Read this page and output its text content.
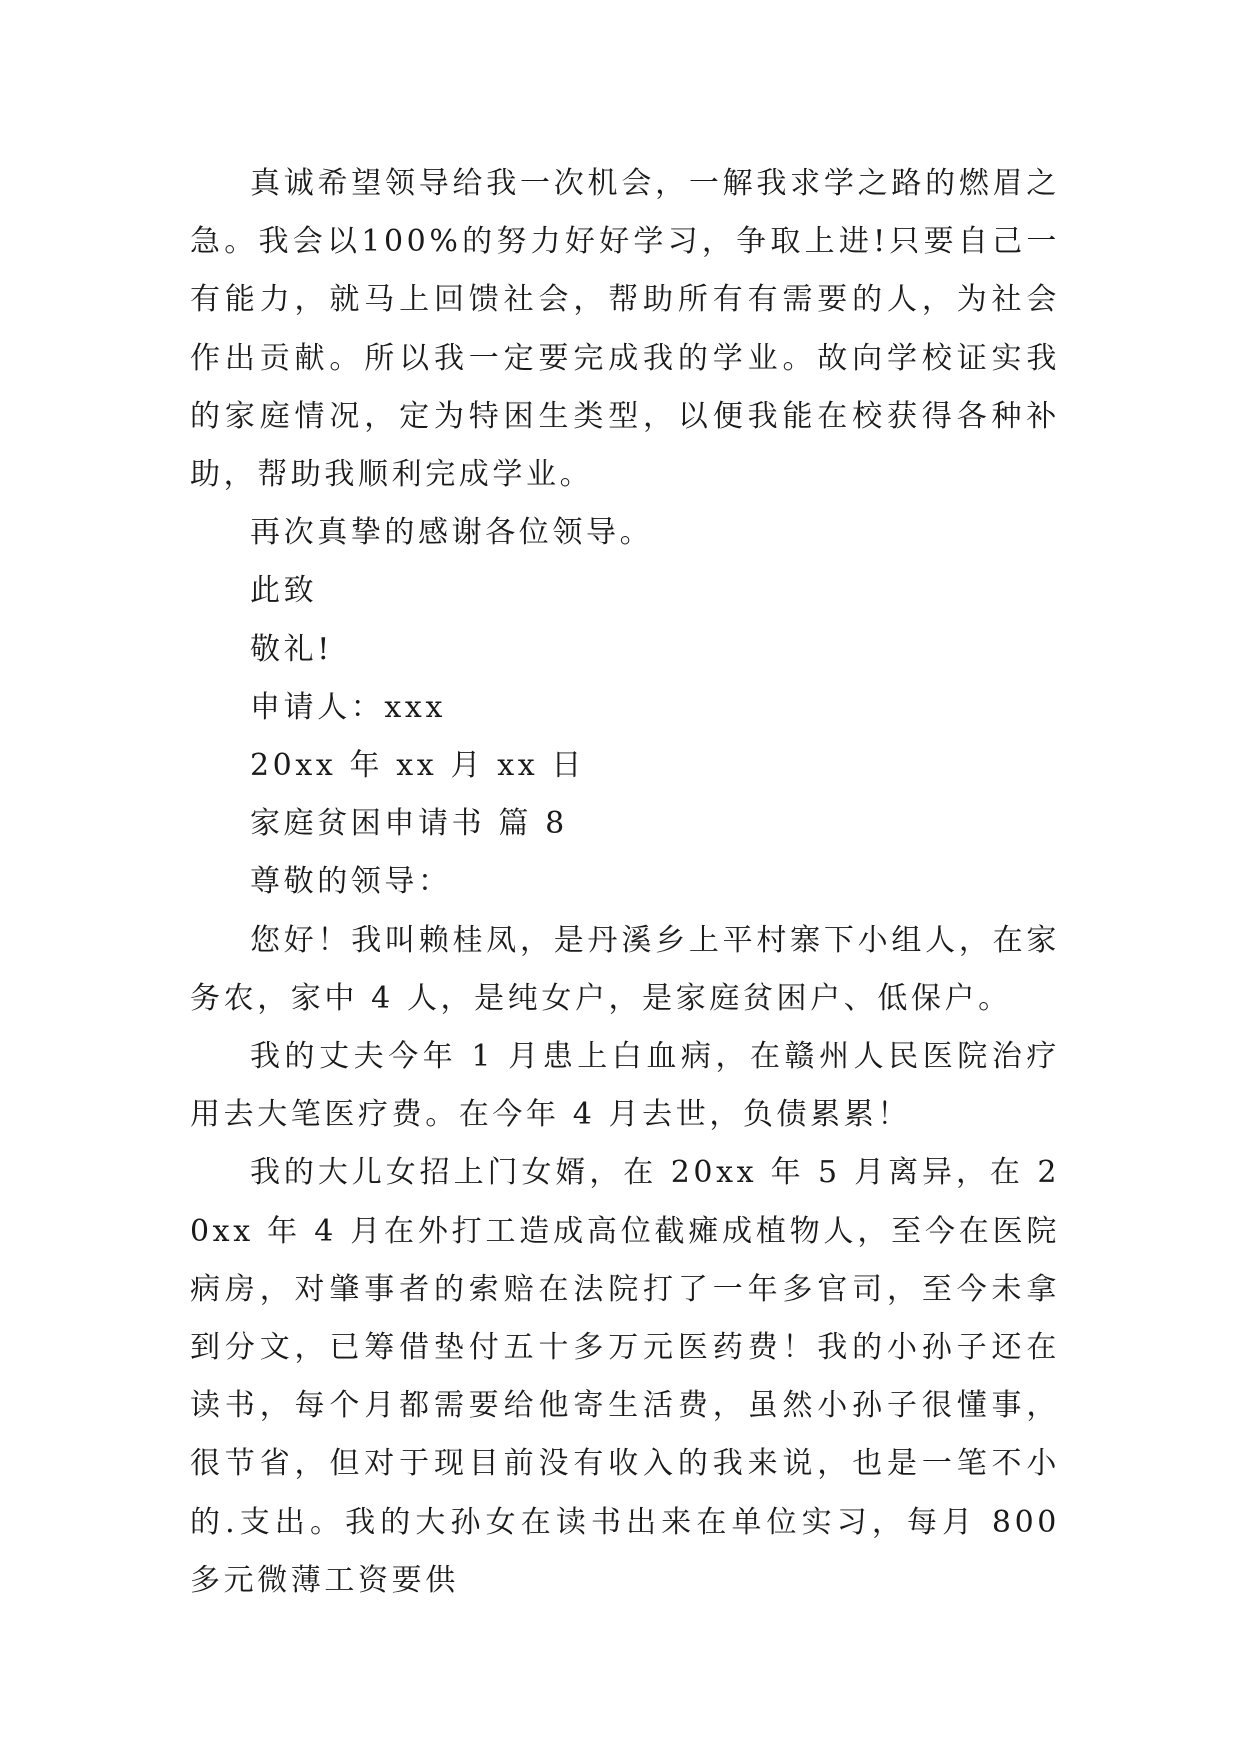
真诚希望领导给我一次机会，一解我求学之路的燃眉之急。我会以100%的努力好好学习，争取上进!只要自己一有能力，就马上回馈社会，帮助所有有需要的人，为社会作出贡献。所以我一定要完成我的学业。故向学校证实我的家庭情况，定为特困生类型，以便我能在校获得各种补助，帮助我顺利完成学业。

再次真挚的感谢各位领导。

此致

敬礼!

申请人：xxx

20xx 年 xx 月 xx 日

家庭贫困申请书 篇 8

尊敬的领导：

您好！我叫赖桂凤，是丹溪乡上平村寨下小组人，在家务农，家中 4 人，是纯女户，是家庭贫困户、低保户。

我的丈夫今年 1 月患上白血病，在赣州人民医院治疗用去大笔医疗费。在今年 4 月去世，负债累累！

我的大儿女招上门女婿，在 20xx 年 5 月离异，在 20xx 年 4 月在外打工造成高位截瘫成植物人，至今在医院病房，对肇事者的索赔在法院打了一年多官司，至今未拿到分文，已筹借垫付五十多万元医药费！我的小孙子还在读书，每个月都需要给他寄生活费，虽然小孙子很懂事，很节省，但对于现目前没有收入的我来说，也是一笔不小的.支出。我的大孙女在读书出来在单位实习，每月 800 多元微薄工资要供
